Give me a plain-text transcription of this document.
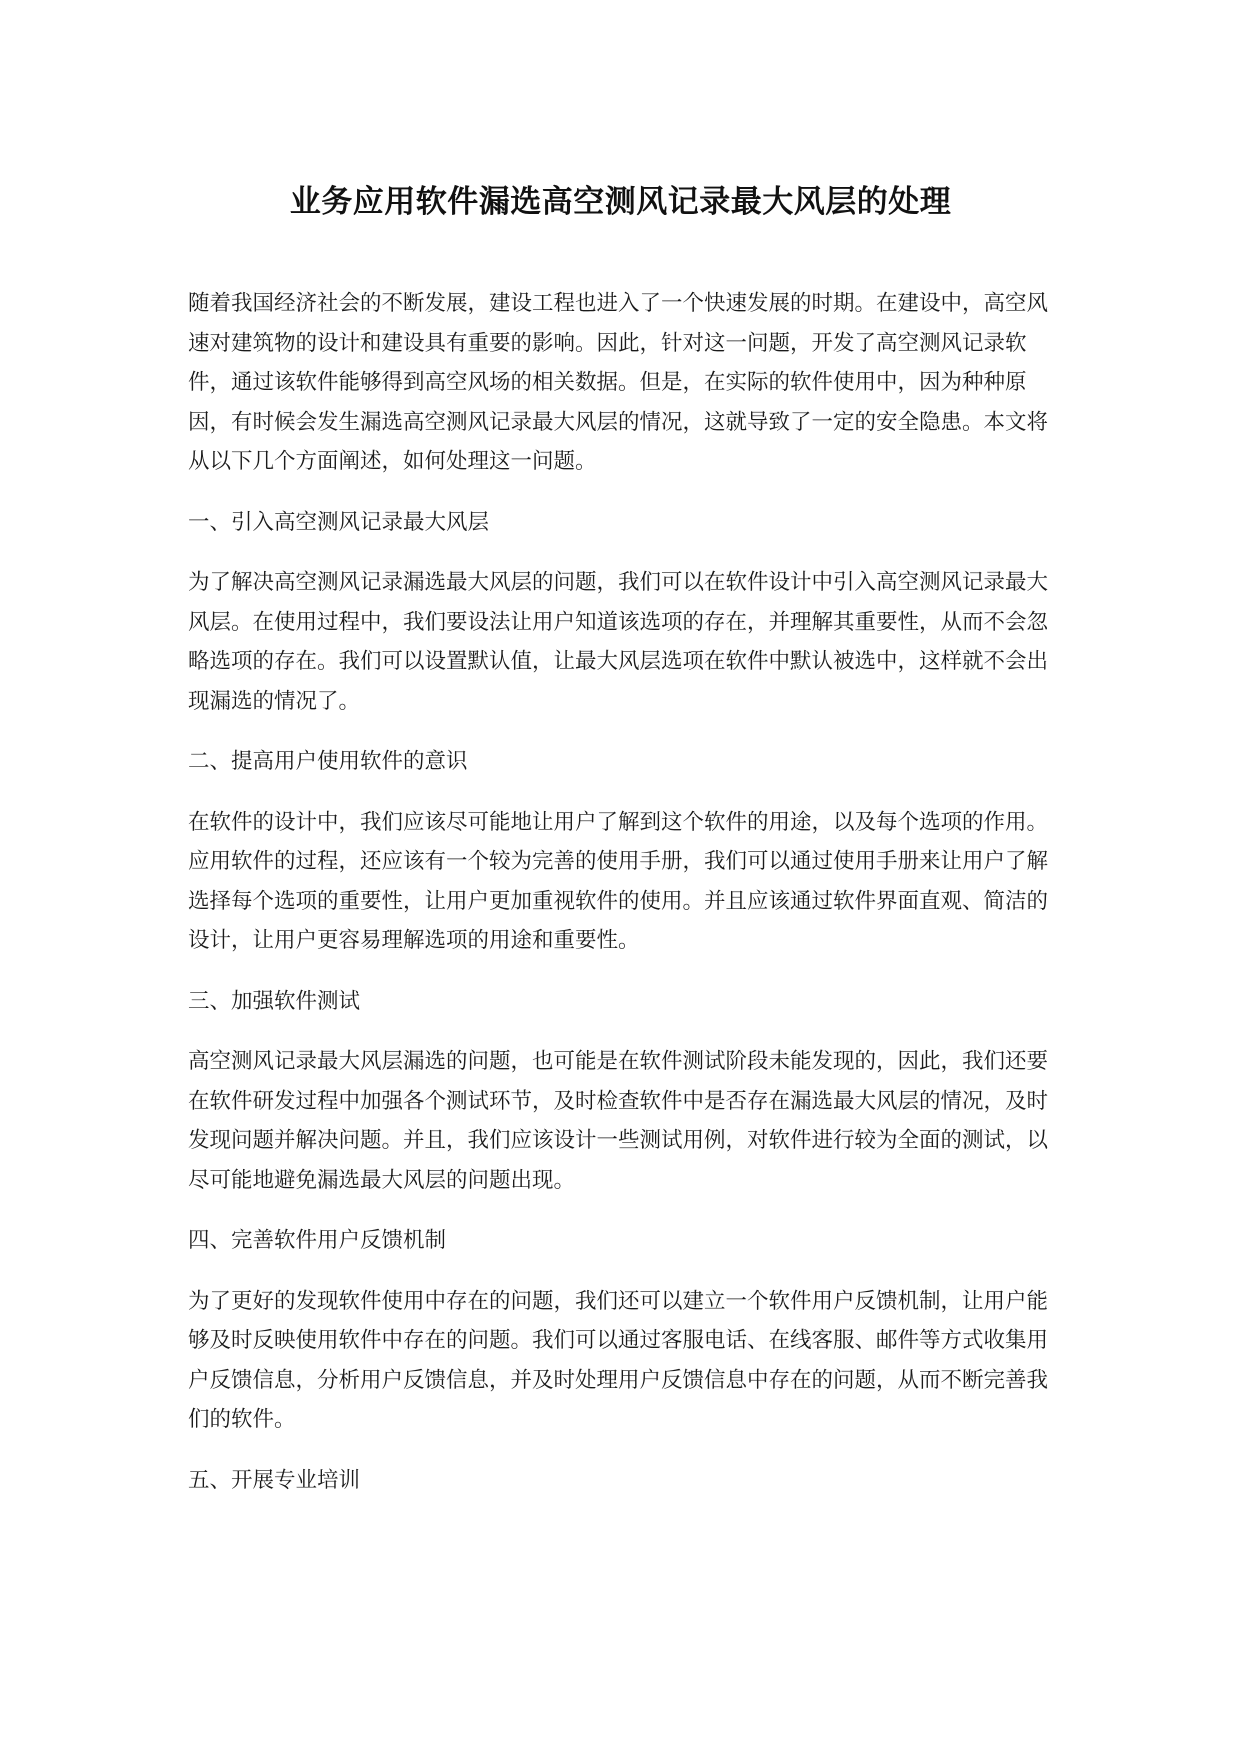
业务应用软件漏选高空测风记录最大风层的处理

随着我国经济社会的不断发展，建设工程也进入了一个快速发展的时期。在建设中，高空风速对建筑物的设计和建设具有重要的影响。因此，针对这一问题，开发了高空测风记录软件，通过该软件能够得到高空风场的相关数据。但是，在实际的软件使用中，因为种种原因，有时候会发生漏选高空测风记录最大风层的情况，这就导致了一定的安全隐患。本文将从以下几个方面阐述，如何处理这一问题。

一、引入高空测风记录最大风层

为了解决高空测风记录漏选最大风层的问题，我们可以在软件设计中引入高空测风记录最大风层。在使用过程中，我们要设法让用户知道该选项的存在，并理解其重要性，从而不会忽略选项的存在。我们可以设置默认值，让最大风层选项在软件中默认被选中，这样就不会出现漏选的情况了。

二、提高用户使用软件的意识

在软件的设计中，我们应该尽可能地让用户了解到这个软件的用途，以及每个选项的作用。应用软件的过程，还应该有一个较为完善的使用手册，我们可以通过使用手册来让用户了解选择每个选项的重要性，让用户更加重视软件的使用。并且应该通过软件界面直观、简洁的设计，让用户更容易理解选项的用途和重要性。

三、加强软件测试

高空测风记录最大风层漏选的问题，也可能是在软件测试阶段未能发现的，因此，我们还要在软件研发过程中加强各个测试环节，及时检查软件中是否存在漏选最大风层的情况，及时发现问题并解决问题。并且，我们应该设计一些测试用例，对软件进行较为全面的测试，以尽可能地避免漏选最大风层的问题出现。

四、完善软件用户反馈机制

为了更好的发现软件使用中存在的问题，我们还可以建立一个软件用户反馈机制，让用户能够及时反映使用软件中存在的问题。我们可以通过客服电话、在线客服、邮件等方式收集用户反馈信息，分析用户反馈信息，并及时处理用户反馈信息中存在的问题，从而不断完善我们的软件。

五、开展专业培训
